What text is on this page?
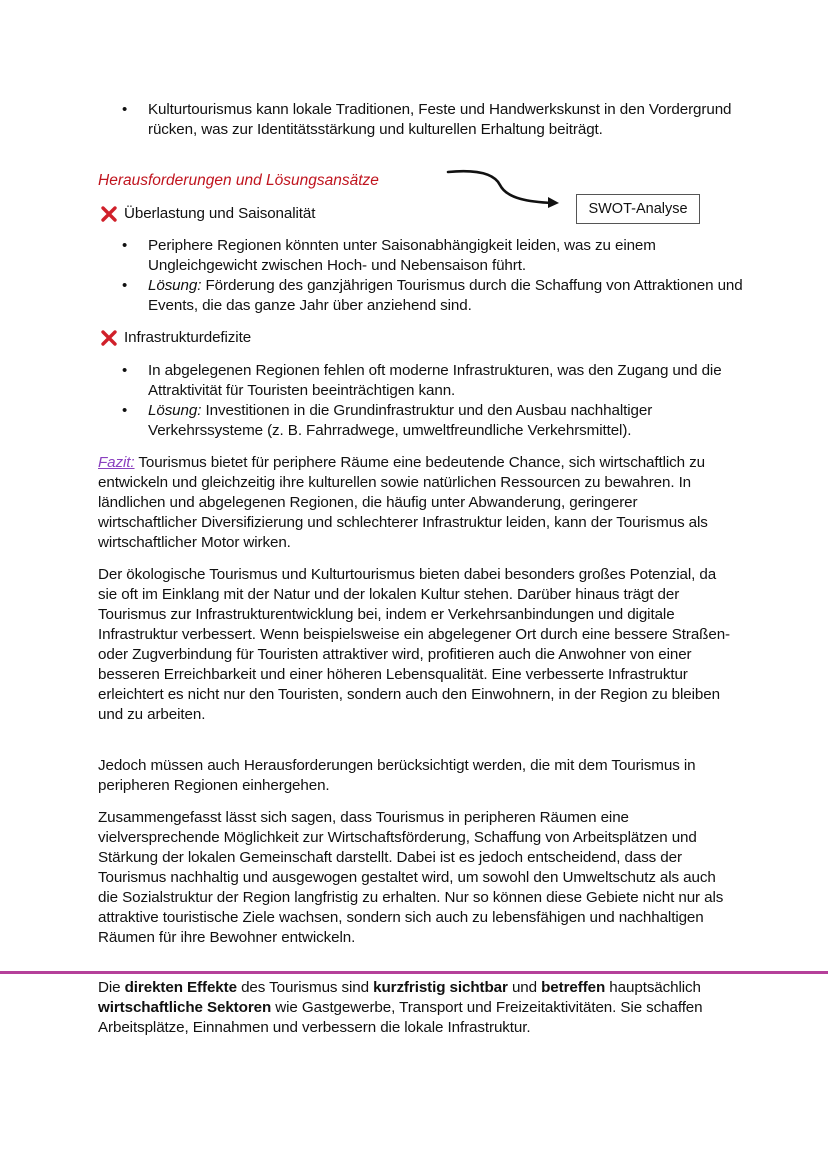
• Kulturtourismus kann lokale Traditionen, Feste und Handwerkskunst in den Vordergrund rücken, was zur Identitätsstärkung und kulturellen Erhaltung beiträgt.
Herausforderungen und Lösungsansätze
SWOT-Analyse
Überlastung und Saisonalität
• Periphere Regionen könnten unter Saisonabhängigkeit leiden, was zu einem Ungleichgewicht zwischen Hoch- und Nebensaison führt.
• Lösung: Förderung des ganzjährigen Tourismus durch die Schaffung von Attraktionen und Events, die das ganze Jahr über anziehend sind.
Infrastrukturdefizite
• In abgelegenen Regionen fehlen oft moderne Infrastrukturen, was den Zugang und die Attraktivität für Touristen beeinträchtigen kann.
• Lösung: Investitionen in die Grundinfrastruktur und den Ausbau nachhaltiger Verkehrssysteme (z. B. Fahrradwege, umweltfreundliche Verkehrsmittel).

Fazit: Tourismus bietet für periphere Räume eine bedeutende Chance, sich wirtschaftlich zu entwickeln und gleichzeitig ihre kulturellen sowie natürlichen Ressourcen zu bewahren. In ländlichen und abgelegenen Regionen, die häufig unter Abwanderung, geringerer wirtschaftlicher Diversifizierung und schlechterer Infrastruktur leiden, kann der Tourismus als wirtschaftlicher Motor wirken.

Der ökologische Tourismus und Kulturtourismus bieten dabei besonders großes Potenzial, da sie oft im Einklang mit der Natur und der lokalen Kultur stehen. Darüber hinaus trägt der Tourismus zur Infrastrukturentwicklung bei, indem er Verkehrsanbindungen und digitale Infrastruktur verbessert. Wenn beispielsweise ein abgelegener Ort durch eine bessere Straßen- oder Zugverbindung für Touristen attraktiver wird, profitieren auch die Anwohner von einer besseren Erreichbarkeit und einer höheren Lebensqualität. Eine verbesserte Infrastruktur erleichtert es nicht nur den Touristen, sondern auch den Einwohnern, in der Region zu bleiben und zu arbeiten.

Jedoch müssen auch Herausforderungen berücksichtigt werden, die mit dem Tourismus in peripheren Regionen einhergehen.

Zusammengefasst lässt sich sagen, dass Tourismus in peripheren Räumen eine vielversprechende Möglichkeit zur Wirtschaftsförderung, Schaffung von Arbeitsplätzen und Stärkung der lokalen Gemeinschaft darstellt. Dabei ist es jedoch entscheidend, dass der Tourismus nachhaltig und ausgewogen gestaltet wird, um sowohl den Umweltschutz als auch die Sozialstruktur der Region langfristig zu erhalten. Nur so können diese Gebiete nicht nur als attraktive touristische Ziele wachsen, sondern sich auch zu lebensfähigen und nachhaltigen Räumen für ihre Bewohner entwickeln.

Die direkten Effekte des Tourismus sind kurzfristig sichtbar und betreffen hauptsächlich wirtschaftliche Sektoren wie Gastgewerbe, Transport und Freizeitaktivitäten. Sie schaffen Arbeitsplätze, Einnahmen und verbessern die lokale Infrastruktur.
